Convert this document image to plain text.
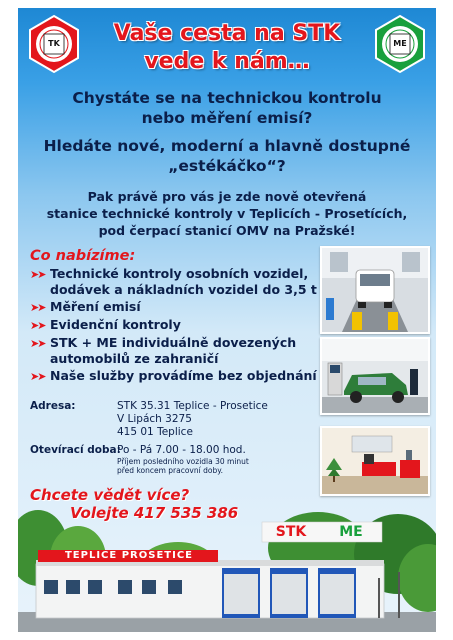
TK	ME
Vaše cesta na STK
vede k nám…
Chystáte se na technickou kontrolu
nebo měření emisí?
Hledáte nové, moderní a hlavně dostupné
„estékáčko“?
Pak právě pro vás je zde nově otevřená
stanice technické kontroly v Teplicích - Prosetících,
pod čerpací stanicí OMV na Pražské!
Co nabízíme:
➤➤ Technické kontroly osobních vozidel, dodávek a nákladních vozidel do 3,5 t
➤➤ Měření emisí
➤➤ Evidenční kontroly
➤➤ STK + ME individuálně dovezených automobilů ze zahraničí
➤➤ Naše služby provádíme bez objednání
Adresa:	STK 35.31 Teplice - Prosetice
V Lipách 3275
415 01 Teplice
Otevírací doba:
Po - Pá 7.00 - 18.00 hod.
Příjem posledního vozidla 30 minut
před koncem pracovní doby.
Chcete vědět více?
Volejte 417 535 386
TEPLICE PROSETICE
STK	ME
